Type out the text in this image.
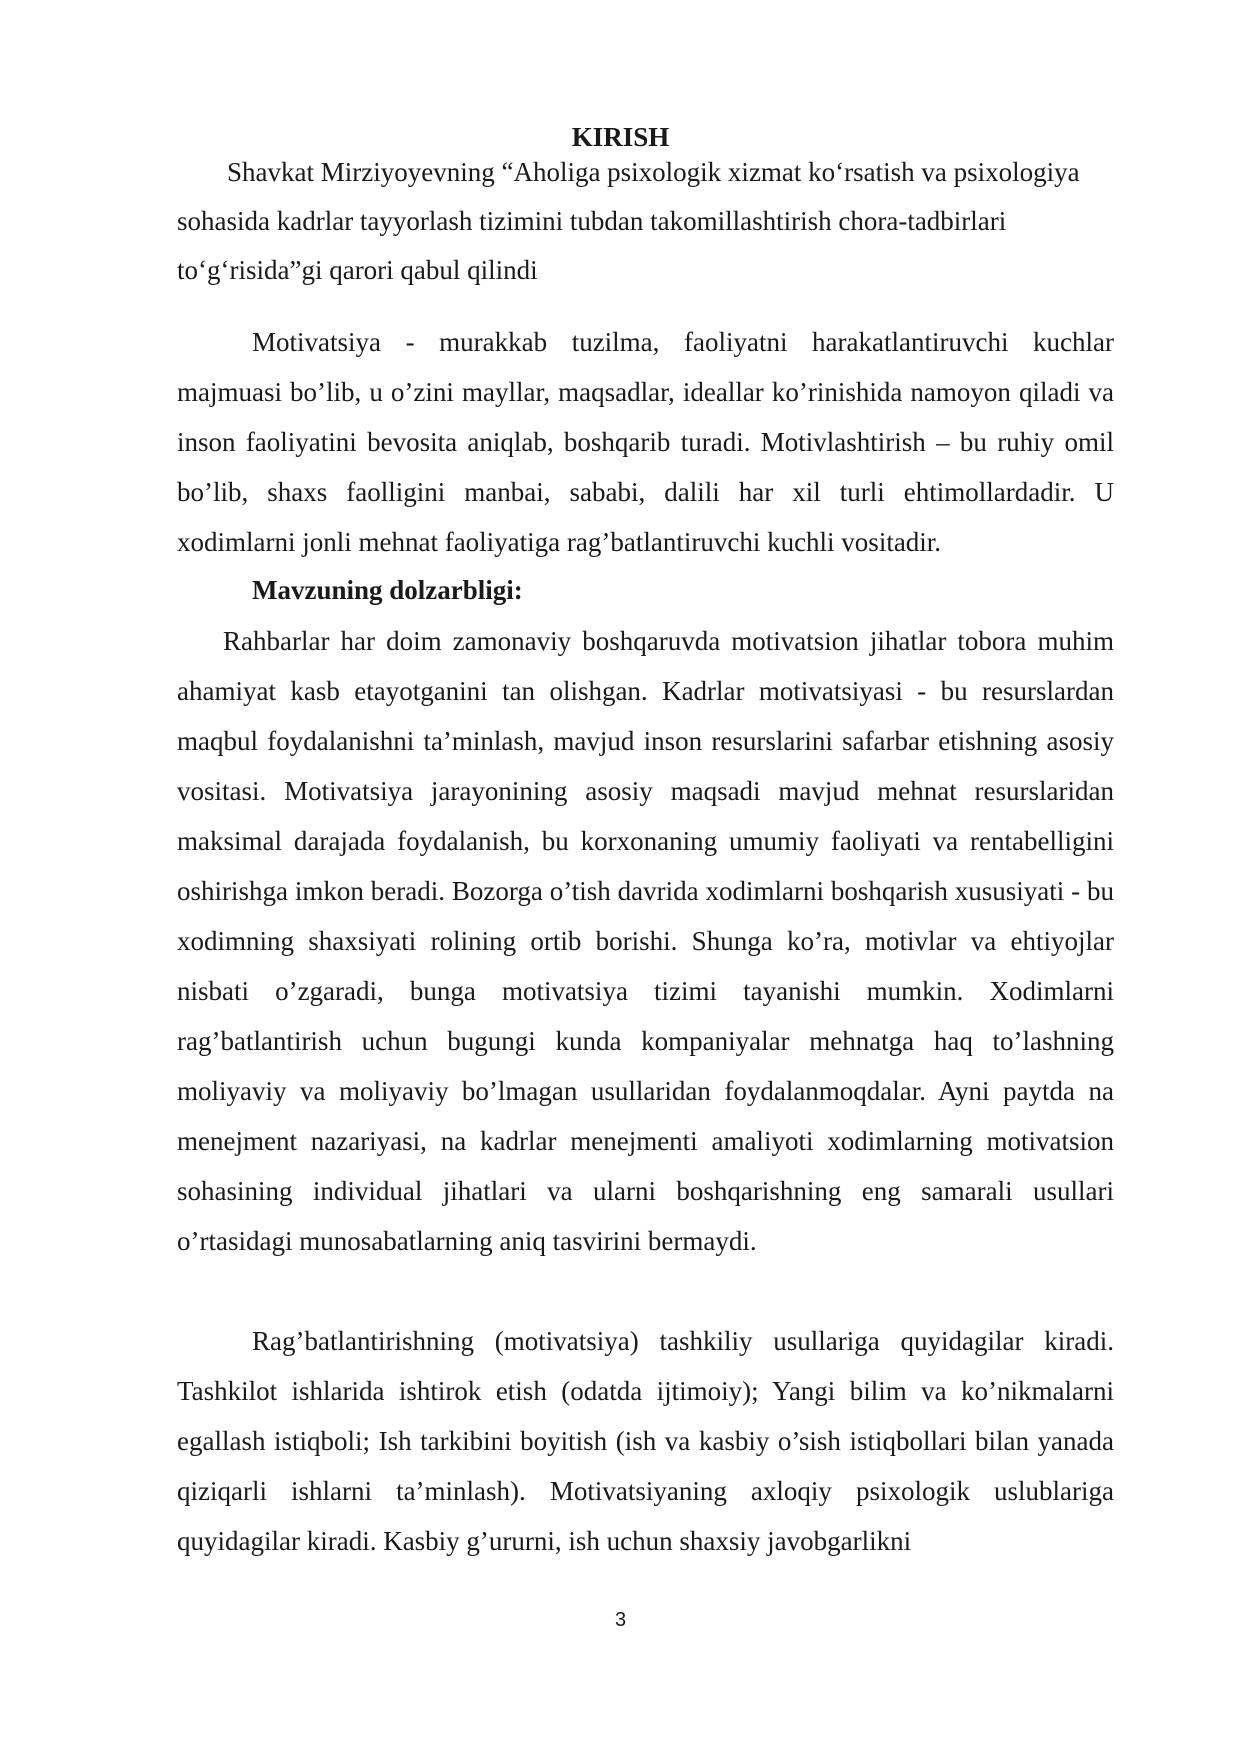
KIRISH

Shavkat Mirziyoyevning “Aholiga psixologik xizmat ko‘rsatish va psixologiya sohasida kadrlar tayyorlash tizimini tubdan takomillashtirish chora-tadbirlari to‘g‘risida”gi qarori qabul qilindi

Motivatsiya - murakkab tuzilma, faoliyatni harakatlantiruvchi kuchlar majmuasi bo’lib, u o’zini mayllar, maqsadlar, ideallar ko’rinishida namoyon qiladi va inson faoliyatini bevosita aniqlab, boshqarib turadi. Motivlashtirish – bu ruhiy omil bo’lib, shaxs faolligini manbai, sababi, dalili har xil turli ehtimollardadir. U xodimlarni jonli mehnat faoliyatiga rag’batlantiruvchi kuchli vositadir.

Mavzuning dolzarbligi:

Rahbarlar har doim zamonaviy boshqaruvda motivatsion jihatlar tobora muhim ahamiyat kasb etayotganini tan olishgan. Kadrlar motivatsiyasi - bu resurslardan maqbul foydalanishni ta’minlash, mavjud inson resurslarini safarbar etishning asosiy vositasi. Motivatsiya jarayonining asosiy maqsadi mavjud mehnat resurslaridan maksimal darajada foydalanish, bu korxonaning umumiy faoliyati va rentabelligini oshirishga imkon beradi. Bozorga o’tish davrida xodimlarni boshqarish xususiyati - bu xodimning shaxsiyati rolining ortib borishi. Shunga ko’ra, motivlar va ehtiyojlar nisbati o’zgaradi, bunga motivatsiya tizimi tayanishi mumkin. Xodimlarni rag’batlantirish uchun bugungi kunda kompaniyalar mehnatga haq to’lashning moliyaviy va moliyaviy bo’lmagan usullaridan foydalanmoqdalar. Ayni paytda na menejment nazariyasi, na kadrlar menejmenti amaliyoti xodimlarning motivatsion sohasining individual jihatlari va ularni boshqarishning eng samarali usullari o’rtasidagi munosabatlarning aniq tasvirini bermaydi.

Rag’batlantirishning (motivatsiya) tashkiliy usullariga quyidagilar kiradi. Tashkilot ishlarida ishtirok etish (odatda ijtimoiy); Yangi bilim va ko’nikmalarni egallash istiqboli; Ish tarkibini boyitish (ish va kasbiy o’sish istiqbollari bilan yanada qiziqarli ishlarni ta’minlash). Motivatsiyaning axloqiy psixologik uslublariga quyidagilar kiradi. Kasbiy g’ururni, ish uchun shaxsiy javobgarlikni

3
